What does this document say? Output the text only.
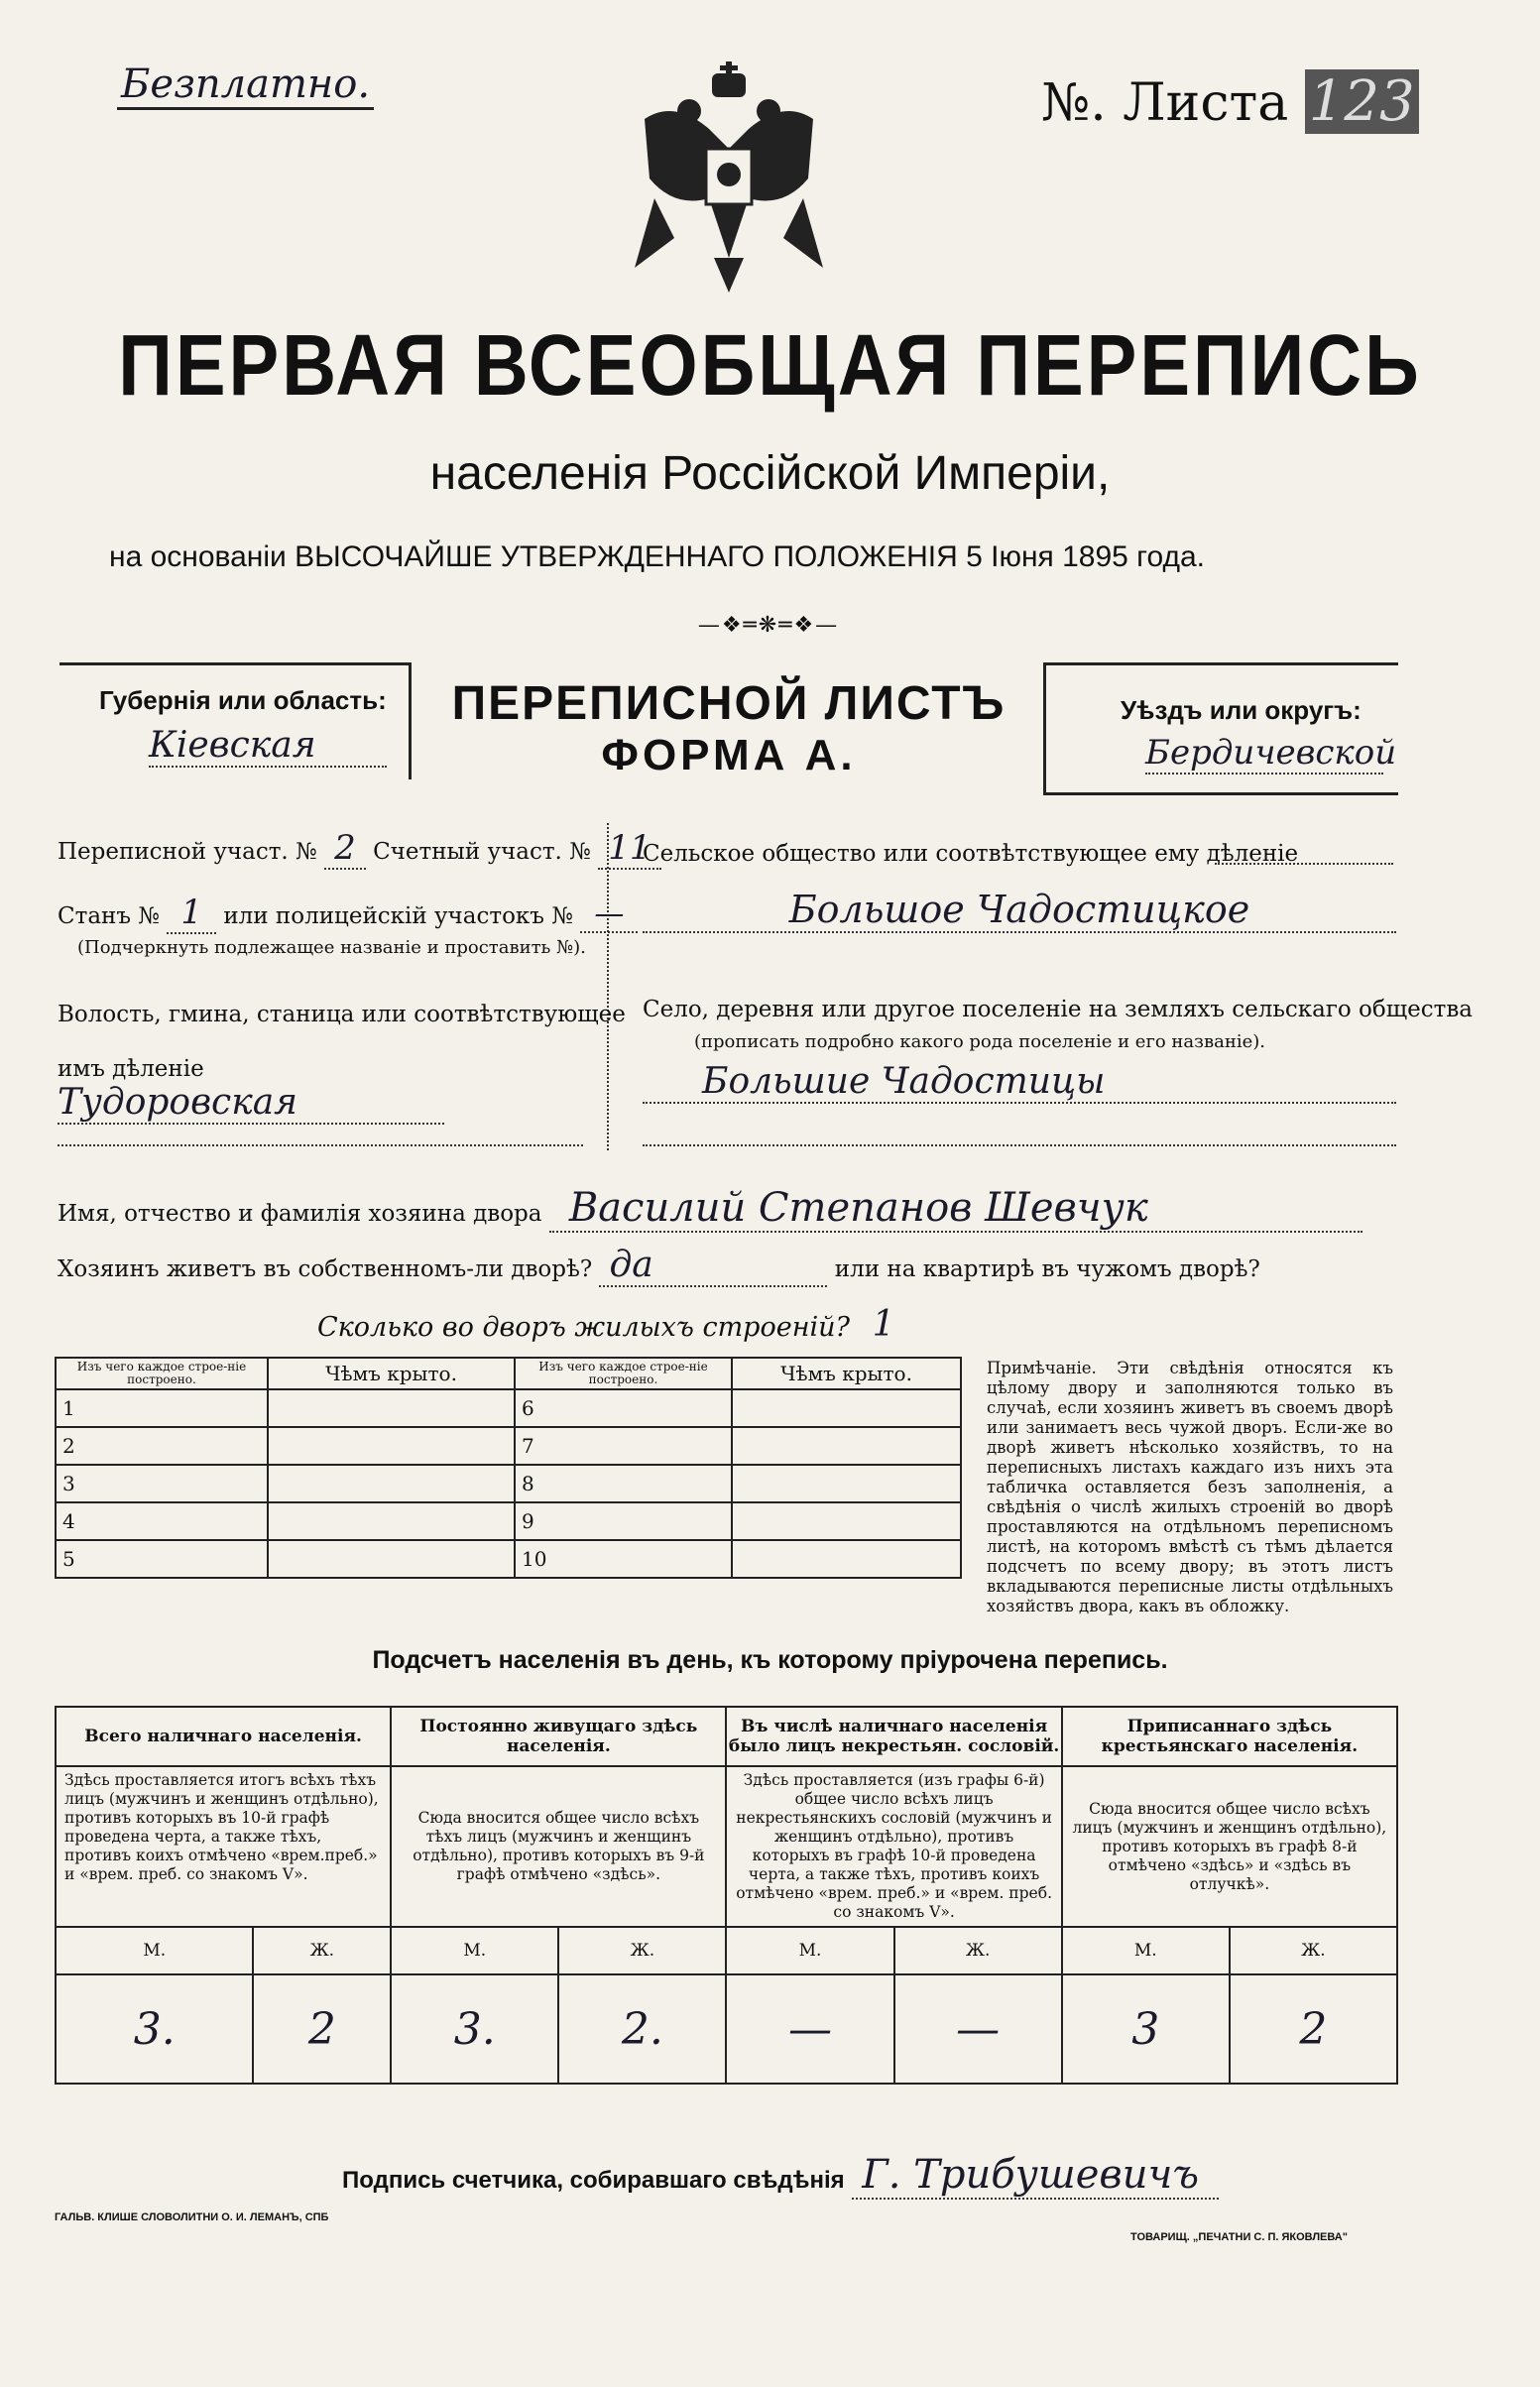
Безплатно.	№. Листа 123
ПЕРВАЯ ВСЕОБЩАЯ ПЕРЕПИСЬ
населенія Россійской Имперіи,
на основаніи ВЫСОЧАЙШЕ УТВЕРЖДЕННАГО ПОЛОЖЕНІЯ 5 Іюня 1895 года.
—❖═❋═❖—
Губернія или область:
Кіевская
ПЕРЕПИСНОЙ ЛИСТЪ
ФОРМА А.
Уѣздъ или округъ:
Бердичевской
Переписной участ. № 2 Счетный участ. № 11
Станъ № 1 или полицейскій участокъ № —
(Подчеркнуть подлежащее названіе и проставить №).
Волость, гмина, станица или соотвѣтствующее
имъ дѣленіе Тудоровская
Сельское общество или соотвѣтствующее ему дѣленіе
Большое Чадостицкое
Село, деревня или другое поселеніе на земляхъ сельскаго общества
(прописать подробно какого рода поселеніе и его названіе).
Большие Чадостицы
Имя, отчество и фамилія хозяина двора Василий Степанов Шевчук
Хозяинъ живетъ въ собственномъ-ли дворѣ? да	или на квартирѣ въ чужомъ дворѣ?
Сколько во дворъ жилыхъ строеній? 1
Изъ чего каждое строе-ніе построено.	Чѣмъ крыто.	Изъ чего каждое строе-ніе построено.	Чѣмъ крыто.
1		6	
2		7	
3		8	
4		9	
5		10	
Примѣчаніе. Эти свѣдѣнія относятся къ цѣлому двору и заполняются только въ случаѣ, если хозяинъ живетъ въ своемъ дворѣ или занимаетъ весь чужой дворъ. Если-же во дворѣ живетъ нѣсколько хозяйствъ, то на переписныхъ листахъ каждаго изъ нихъ эта табличка оставляется безъ заполненія, а свѣдѣнія о числѣ жилыхъ строеній во дворѣ проставляются на отдѣльномъ переписномъ листѣ, на которомъ вмѣстѣ съ тѣмъ дѣлается подсчетъ по всему двору; въ этотъ листъ вкладываются переписные листы отдѣльныхъ хозяйствъ двора, какъ въ обложку.
Подсчетъ населенія въ день, къ которому пріурочена перепись.
Всего наличнаго населенія.		Постоянно живущаго здѣсь населенія.		Въ числѣ наличнаго населенія было лицъ некрестьян. сословій.		Приписаннаго здѣсь крестьянскаго населенія.	
Здѣсь проставляется итогъ всѣхъ тѣхъ лицъ (мужчинъ и женщинъ отдѣльно), противъ которыхъ въ 10-й графѣ проведена черта, а также тѣхъ, противъ коихъ отмѣчено «врем.преб.» и «врем. преб. со знакомъ V».		Сюда вносится общее число всѣхъ тѣхъ лицъ (мужчинъ и женщинъ отдѣльно), противъ которыхъ въ 9-й графѣ отмѣчено «здѣсь».		Здѣсь проставляется (изъ графы 6-й) общее число всѣхъ лицъ некрестьянскихъ сословій (мужчинъ и женщинъ отдѣльно), противъ которыхъ въ графѣ 10-й проведена черта, а также тѣхъ, противъ коихъ отмѣчено «врем. преб.» и «врем. преб. со знакомъ V».		Сюда вносится общее число всѣхъ лицъ (мужчинъ и женщинъ отдѣльно), противъ которыхъ въ графѣ 8-й отмѣчено «здѣсь» и «здѣсь въ отлучкѣ».	
М.	Ж.	М.	Ж.	М.	Ж.	М.	Ж.
3.	2	3.	2.	—	—	3	2
Подпись счетчика, собиравшаго свѣдѣнія Г. Трибушевичъ
ГАЛЬВ. КЛИШЕ СЛОВОЛИТНИ О. И. ЛЕМАНЪ, СПБ
ТОВАРИЩ. „ПЕЧАТНИ С. П. ЯКОВЛЕВА"
